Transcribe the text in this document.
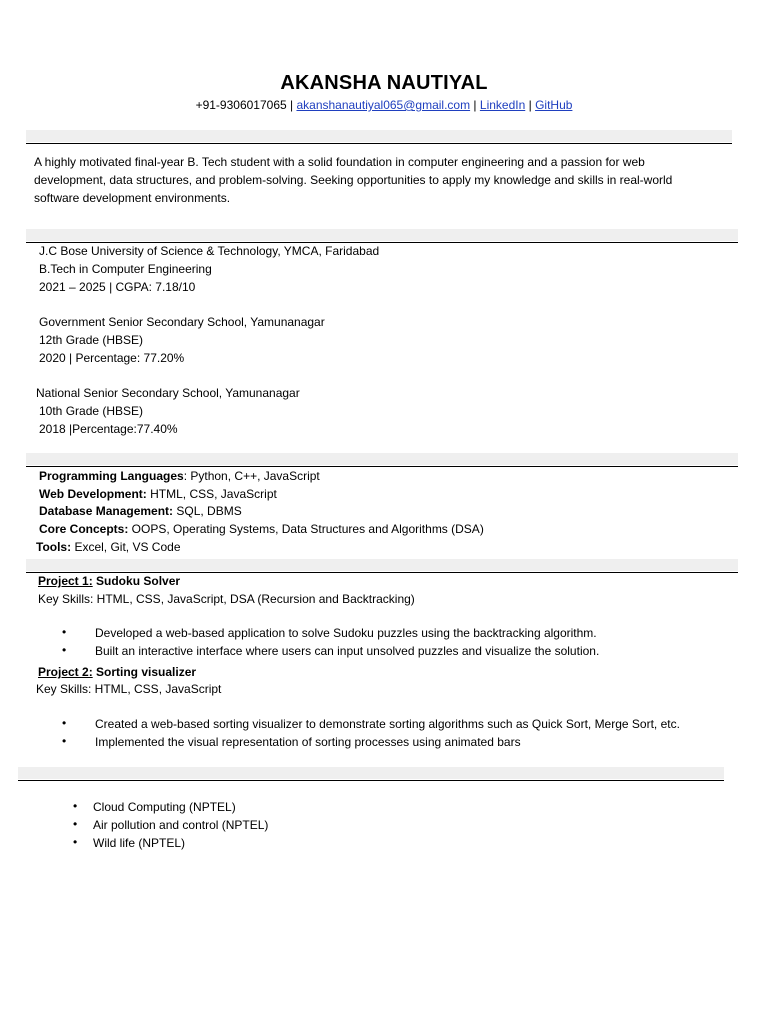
AKANSHA NAUTIYAL
+91-9306017065 | akanshanautiyal065@gmail.com | LinkedIn | GitHub
A highly motivated final-year B. Tech student with a solid foundation in computer engineering and a passion for web
development, data structures, and problem-solving. Seeking opportunities to apply my knowledge and skills in real-world
software development environments.
J.C Bose University of Science & Technology, YMCA, Faridabad
B.Tech in Computer Engineering
2021 – 2025 | CGPA: 7.18/10
Government Senior Secondary School, Yamunanagar
12th Grade (HBSE)
2020 | Percentage: 77.20%
National Senior Secondary School, Yamunanagar
10th Grade (HBSE)
2018 |Percentage:77.40%
Programming Languages: Python, C++, JavaScript
Web Development: HTML, CSS, JavaScript
Database Management: SQL, DBMS
Core Concepts: OOPS, Operating Systems, Data Structures and Algorithms (DSA)
Tools: Excel, Git, VS Code
Project 1: Sudoku Solver
Key Skills: HTML, CSS, JavaScript, DSA (Recursion and Backtracking)
• Developed a web-based application to solve Sudoku puzzles using the backtracking algorithm.
• Built an interactive interface where users can input unsolved puzzles and visualize the solution.
Project 2: Sorting visualizer
Key Skills: HTML, CSS, JavaScript
• Created a web-based sorting visualizer to demonstrate sorting algorithms such as Quick Sort, Merge Sort, etc.
• Implemented the visual representation of sorting processes using animated bars
• Cloud Computing (NPTEL)
• Air pollution and control (NPTEL)
• Wild life (NPTEL)
